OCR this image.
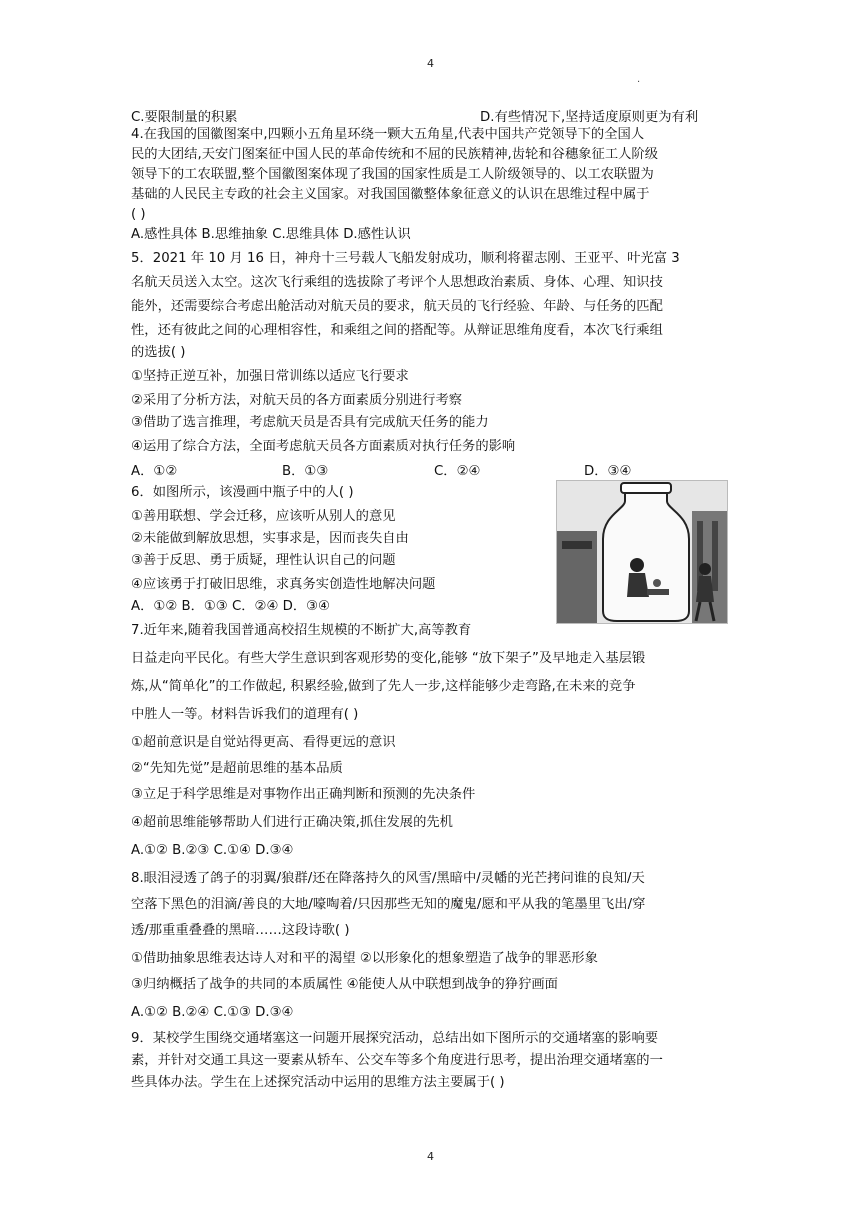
4
.
C.要限制量的积累	D.有些情况下,坚持适度原则更为有利
4.在我国的国徽图案中,四颗小五角星环绕一颗大五角星,代表中国共产党领导下的全国人
民的大团结,天安门图案征中国人民的革命传统和不屈的民族精神,齿轮和谷穗象征工人阶级
领导下的工农联盟,整个国徽图案体现了我国的国家性质是工人阶级领导的、以工农联盟为
基础的人民民主专政的社会主义国家。对我国国徽整体象征意义的认识在思维过程中属于
( )
A.感性具体 B.思维抽象 C.思维具体 D.感性认识
5．2021 年 10 月 16 日，神舟十三号载人飞船发射成功，顺利将翟志刚、王亚平、叶光富 3
名航天员送入太空。这次飞行乘组的选拔除了考评个人思想政治素质、身体、心理、知识技
能外，还需要综合考虑出舱活动对航天员的要求，航天员的飞行经验、年龄、与任务的匹配
性，还有彼此之间的心理相容性，和乘组之间的搭配等。从辩证思维角度看，本次飞行乘组
的选拔( )
①坚持正逆互补，加强日常训练以适应飞行要求
②采用了分析方法，对航天员的各方面素质分别进行考察
③借助了选言推理，考虑航天员是否具有完成航天任务的能力
④运用了综合方法，全面考虑航天员各方面素质对执行任务的影响
A．①②	B．①③	C．②④	D．③④
6．如图所示，该漫画中瓶子中的人( )
①善用联想、学会迁移，应该听从别人的意见
②未能做到解放思想，实事求是，因而丧失自由
③善于反思、勇于质疑，理性认识自己的问题
④应该勇于打破旧思维，求真务实创造性地解决问题
A．①② B．①③ C．②④ D．③④
7.近年来,随着我国普通高校招生规模的不断扩大,高等教育
日益走向平民化。有些大学生意识到客观形势的变化,能够 “放下架子”及早地走入基层锻
炼,从“简单化”的工作做起, 积累经验,做到了先人一步,这样能够少走弯路,在未来的竞争
中胜人一等。材料告诉我们的道理有( )
①超前意识是自觉站得更高、看得更远的意识
②“先知先觉”是超前思维的基本品质
③立足于科学思维是对事物作出正确判断和预测的先决条件
④超前思维能够帮助人们进行正确决策,抓住发展的先机
A.①② B.②③ C.①④ D.③④
8.眼泪浸透了鸽子的羽翼/狼群/还在降落持久的风雪/黑暗中/灵幡的光芒拷问谁的良知/天
空落下黑色的泪滴/善良的大地/嚎啕着/只因那些无知的魔鬼/愿和平从我的笔墨里飞出/穿
透/那重重叠叠的黑暗……这段诗歌( )
①借助抽象思维表达诗人对和平的渴望 ②以形象化的想象塑造了战争的罪恶形象
③归纳概括了战争的共同的本质属性 ④能使人从中联想到战争的狰狞画面
A.①② B.②④ C.①③ D.③④
9．某校学生围绕交通堵塞这一问题开展探究活动，总结出如下图所示的交通堵塞的影响要
素，并针对交通工具这一要素从轿车、公交车等多个角度进行思考，提出治理交通堵塞的一
些具体办法。学生在上述探究活动中运用的思维方法主要属于( )
4
